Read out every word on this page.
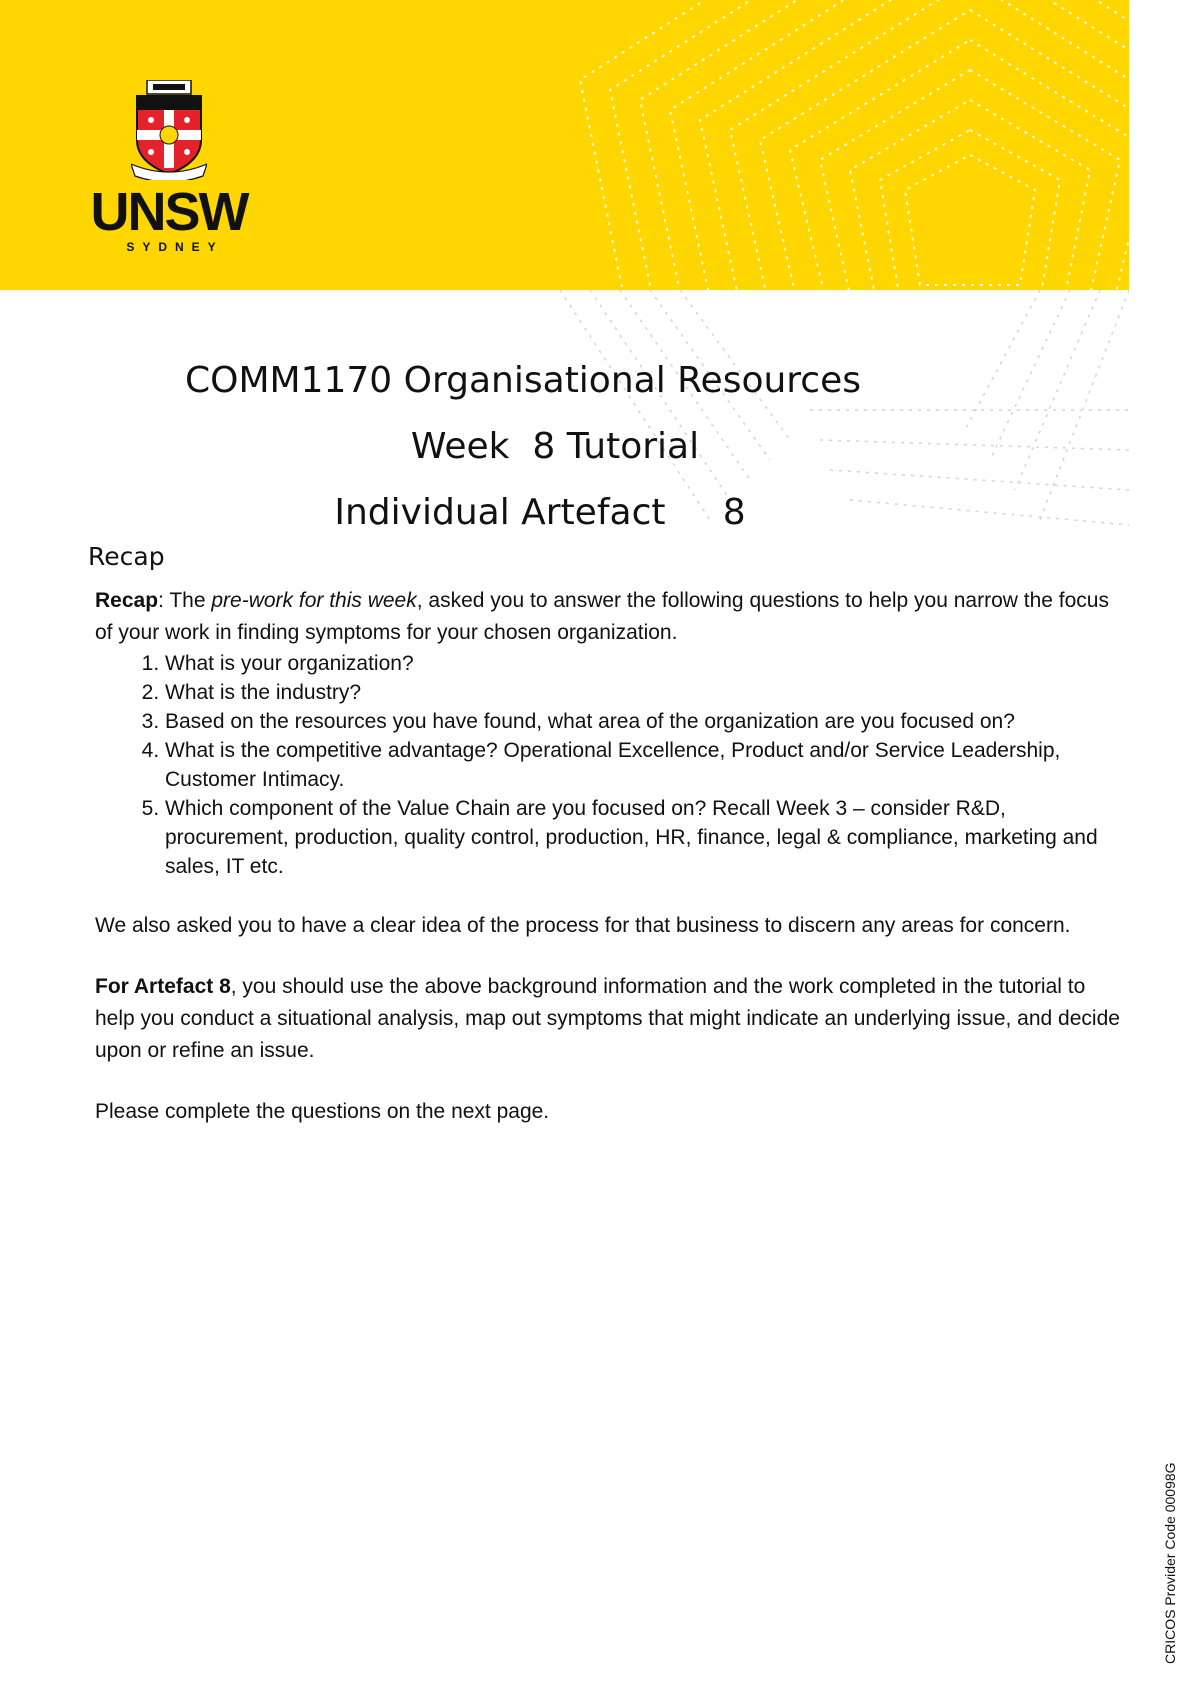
UNSW
SYDNEY
COMM1170 Organisational Resources
Week  8 Tutorial
Individual Artefact     8
Recap

Recap: The pre-work for this week, asked you to answer the following questions to help you narrow the focus of your work in finding symptoms for your chosen organization.

1. What is your organization?
2. What is the industry?
3. Based on the resources you have found, what area of the organization are you focused on?
4. What is the competitive advantage? Operational Excellence, Product and/or Service Leadership, Customer Intimacy.
5. Which component of the Value Chain are you focused on? Recall Week 3 – consider R&D, procurement, production, quality control, production, HR, finance, legal & compliance, marketing and sales, IT etc.

We also asked you to have a clear idea of the process for that business to discern any areas for concern.

For Artefact 8, you should use the above background information and the work completed in the tutorial to help you conduct a situational analysis, map out symptoms that might indicate an underlying issue, and decide upon or refine an issue.

Please complete the questions on the next page.

CRICOS Provider Code 00098G
